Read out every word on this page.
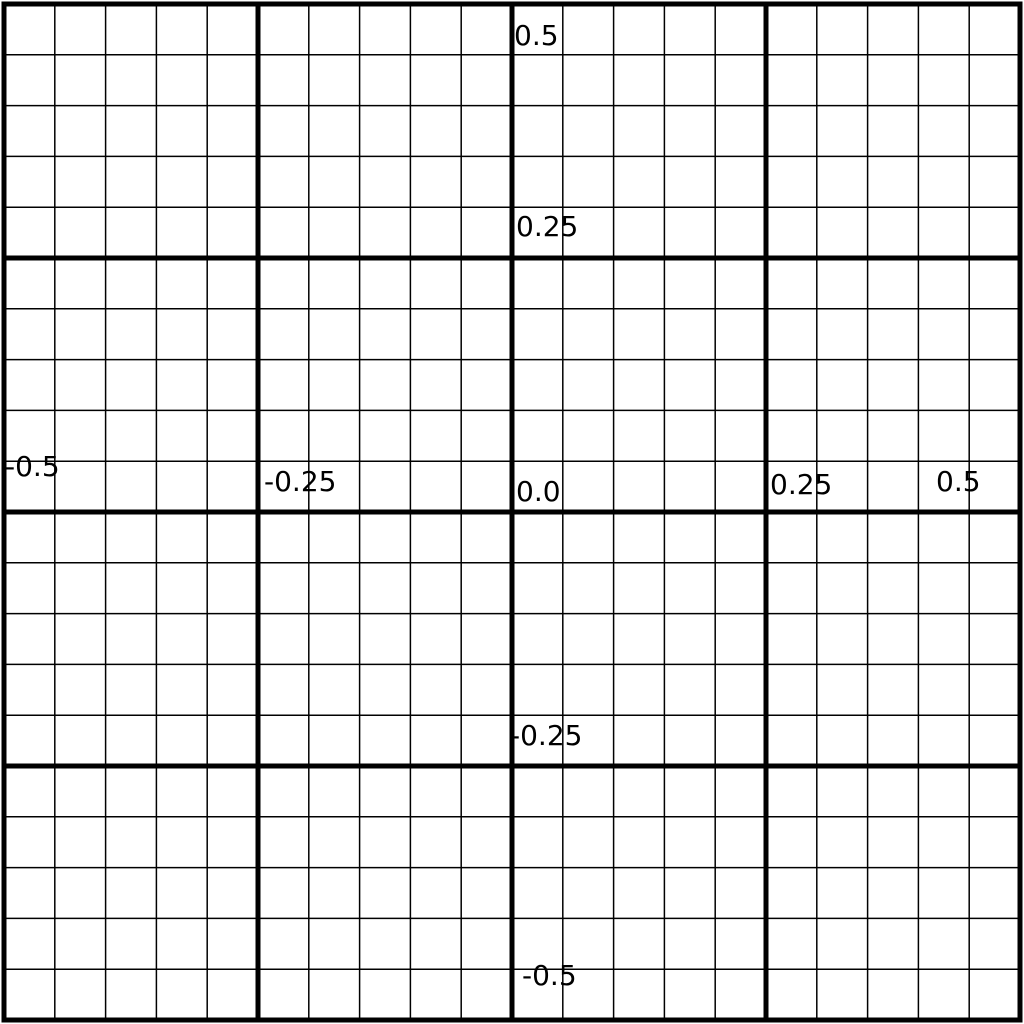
-0.5	-0.25	0.0	0.25	0.5
0.5
0.25
-0.25
-0.5
